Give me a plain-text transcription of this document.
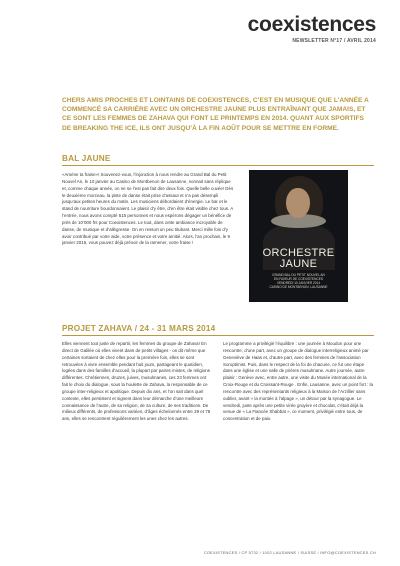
coexistences
NEWSLETTER N°17 / AVRIL 2014

CHERS AMIS PROCHES ET LOINTAINS DE COEXISTENCES, C’EST EN MUSIQUE QUE L’ANNÉE A COMMENCÉ SA CARRIÈRE AVEC UN ORCHESTRE JAUNE PLUS ENTRAÎNANT QUE JAMAIS, ET CE SONT LES FEMMES DE ZAHAVA QUI FONT LE PRINTEMPS EN 2014. QUANT AUX SPORTIFS DE BREAKING THE ICE, ILS ONT JUSQU’À LA FIN AOÛT POUR SE METTRE EN FORME.

BAL JAUNE

«Amène ta fraise»! Souvenez-vous, l’injonction à nous rendre au Grand Bal du Petit Nouvel An, le 10 janvier au Casino de Montbenon de Lausanne, sonnait sans réplique et, comme chaque année, on ne se l’est pas fait dire deux fois. Quelle belle cuvée! Dès le deuxième morceau, la piste de danse était prise d’assaut et n’a pas désempli jusqu’aux petites heures du matin. Les musiciens débordaient d’énergie. Le bar et le stand de nourriture bourdonnaient. Le plaisir d’y être, d’en être était visible chez tous. A l’entrée, nous avons compté 515 personnes et nous espérons dégager un bénéfice de près de 10’000 frs pour Coexistences. Le tout, dans cette ambiance incroyable de danse, de musique et d’allégresse. On en ressort un peu titubant. Merci mille fois d’y avoir contribué par votre aide, votre présence et votre amitié. Alors, l’an prochain, le 9 janvier 2015, vous pouvez déjà prévoir de la ramener, votre fraise !

ORCHESTRE

JAUNE

GRAND BAL DU PETIT NOUVEL AN

EN FAVEUR DE COEXISTENCES

VENDREDI 10 JANVIER 2014

CASINO DE MONTBENON, LAUSANNE

PROJET ZAHAVA / 24 - 31 MARS 2014

Elles viennent tout juste de repartir, les femmes du groupe de Zahava! En direct de Galilée où elles vivent dans de petits villages - on dit même que certaines sortaient de chez elles pour la première fois, elles se sont retrouvées à vivre ensemble pendant huit jours, partageant le quotidien, logées dans des familles d’accueil, la plupart par paires mixtes, de religions différentes. Chrétiennes, druzes, juives, musulmanes, ces 23 femmes ont fait le choix du dialogue, sous la houlette de Zahava, la responsable de ce groupe inter-religieux et apolitique. Depuis dix ans, et l’on sait dans quel contexte, elles persistent et signent dans leur démarche d’une meilleure connaissance de l’autre, de sa religion, de sa culture, de ses traditions. De milieux différents, de professions variées, d’âges échelonnés entre 29 et 78 ans, elles se rencontrent régulièrement les unes chez les autres.

Le programme a privilégié l’équilibre : une journée à Moudon pour une rencontre, d’une part, avec un groupe de dialogue interreligieux animé par Geneviève de Haas et, d’autre part, avec des femmes de l’association Soroptimist. Puis, dans le respect de la foi de chacune, ce fut une étape dans une église et une salle de prières musulmane. Autre journée, autre plaisir : Genève avec, entre autre, une visite du Musée international de la Croix-Rouge et du Croissant-Rouge . Enfin, Lausanne, avec un point fort : la rencontre avec des représentants religieux à la Maison de l’Arzillier sans oublier, avant « la montée à l’alpage », un détour par la synagogue. Le vendredi, juste après une petite virée gruyère et chocolat, c’était déjà la venue de « La Fiancée Shabbat », ce moment, privilégié entre tous, de concentration et de paix.

COEXISTENCES / CP 5732 / 1002 LAUSANNE / SUISSE / INFO@COEXISTENCES.CH
